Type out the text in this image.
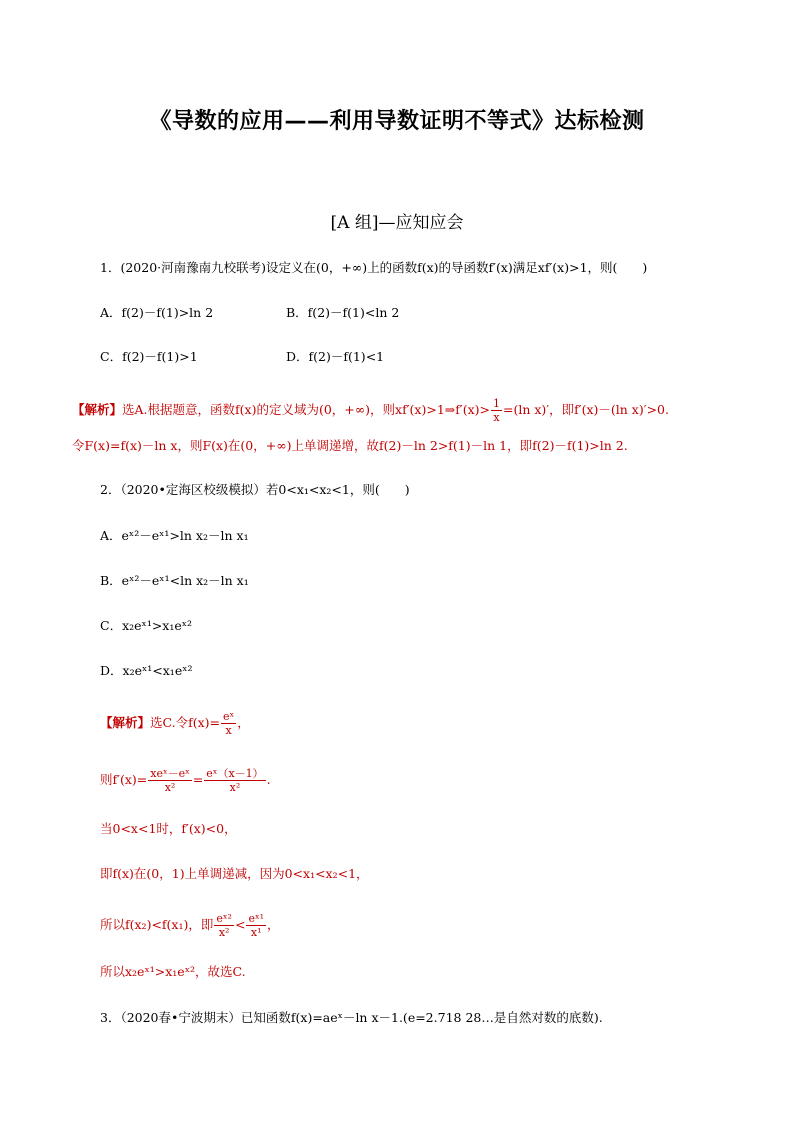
《导数的应用——利用导数证明不等式》达标检测
[A 组]—应知应会
1．(2020·河南豫南九校联考)设定义在(0，+∞)上的函数f(x)的导函数f′(x)满足xf′(x)>1，则(　　)
A．f(2)－f(1)>ln 2	B．f(2)－f(1)<ln 2
C．f(2)－f(1)>1	D．f(2)－f(1)<1
【解析】选A.根据题意，函数f(x)的定义域为(0，+∞)，则xf′(x)>1⇒f′(x)> $\frac{1}{x} =(\ln$ x)′，即f′(x)－(ln x)′>0.
令F(x)=f(x)－ln x，则F(x)在(0，+∞)上单调递增，故f(2)－ln 2>f(1)－ln 1，即f(2)－f(1)>ln 2.
2．（2020•定海区校级模拟）若0<x₁<x₂<1，则(　　)
A．eˣ²－eˣ¹>ln x₂－ln x₁
B．eˣ²－eˣ¹<ln x₂－ln x₁
C．x₂eˣ¹>x₁eˣ²
D．x₂eˣ¹<x₁eˣ²
【解析】选C.令$f(x)= \frac{\text{eˣ}}{x}$ ，
则$f'(x)= \frac{\text{xeˣ－eˣ}}{\text{x²}} = \frac{\text{eˣ（x－1）}}{\text{x²}}$ .
当0<x<1时，f′(x)<0，
即f(x)在(0，1)上单调递减，因为0<x₁<x₂<1，
所以f(x₂)<f(x₁)，即 $\frac{\text{eˣ²}}{\text{x²}} < \frac{\text{eˣ¹}}{\text{x¹}}$ ，
所以x₂eˣ¹>x₁eˣ²，故选C.
3．（2020春•宁波期末）已知函数f(x)=aeˣ－ln x－1.(e=2.718 28…是自然对数的底数).
